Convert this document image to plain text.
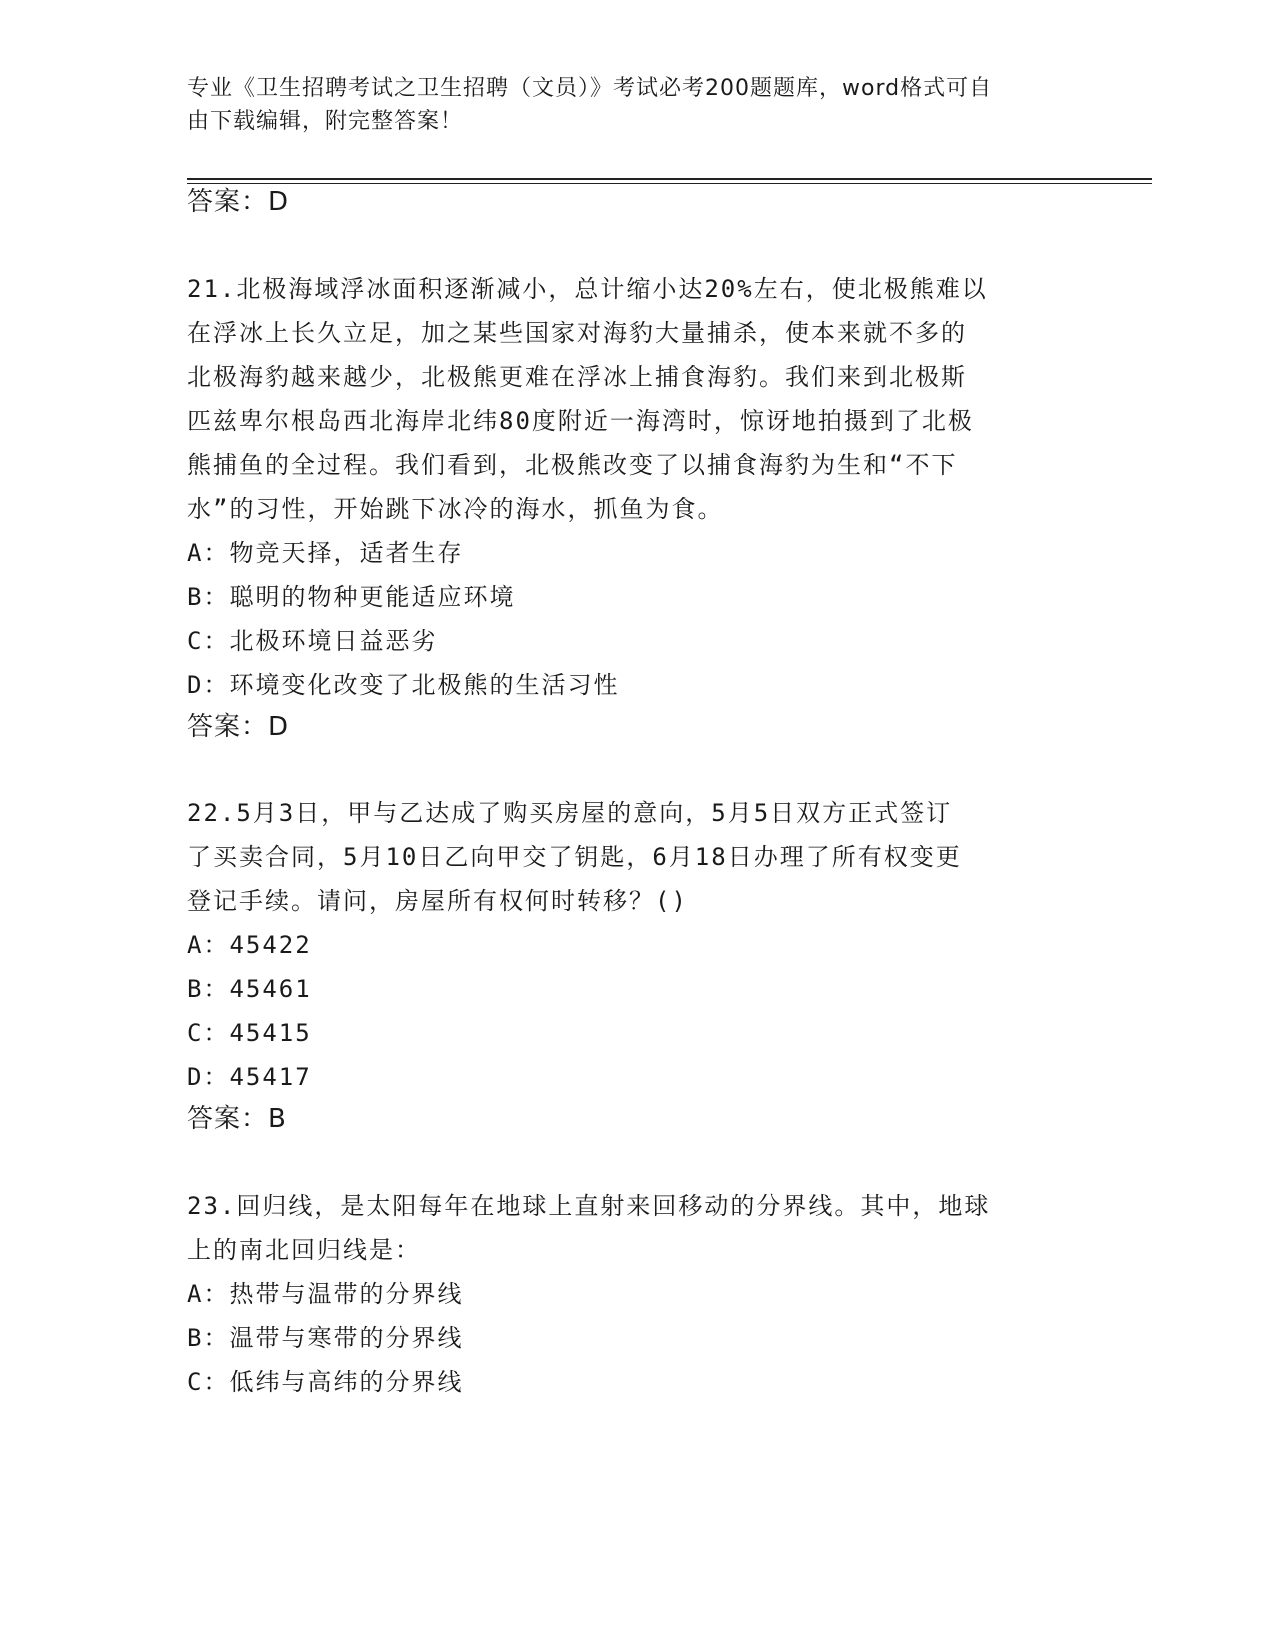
专业《卫生招聘考试之卫生招聘（文员）》考试必考200题题库，word格式可自
由下载编辑，附完整答案！
答案：D
21.北极海域浮冰面积逐渐减小，总计缩小达20%左右，使北极熊难以
在浮冰上长久立足，加之某些国家对海豹大量捕杀，使本来就不多的
北极海豹越来越少，北极熊更难在浮冰上捕食海豹。我们来到北极斯
匹兹卑尔根岛西北海岸北纬80度附近一海湾时，惊讶地拍摄到了北极
熊捕鱼的全过程。我们看到，北极熊改变了以捕食海豹为生和“不下
水”的习性，开始跳下冰冷的海水，抓鱼为食。
A：物竞天择，适者生存
B：聪明的物种更能适应环境
C：北极环境日益恶劣
D：环境变化改变了北极熊的生活习性
答案：D
22.5月3日，甲与乙达成了购买房屋的意向，5月5日双方正式签订
了买卖合同，5月10日乙向甲交了钥匙，6月18日办理了所有权变更
登记手续。请问，房屋所有权何时转移？()
A：45422
B：45461
C：45415
D：45417
答案：B
23.回归线，是太阳每年在地球上直射来回移动的分界线。其中，地球
上的南北回归线是：
A：热带与温带的分界线
B：温带与寒带的分界线
C：低纬与高纬的分界线
